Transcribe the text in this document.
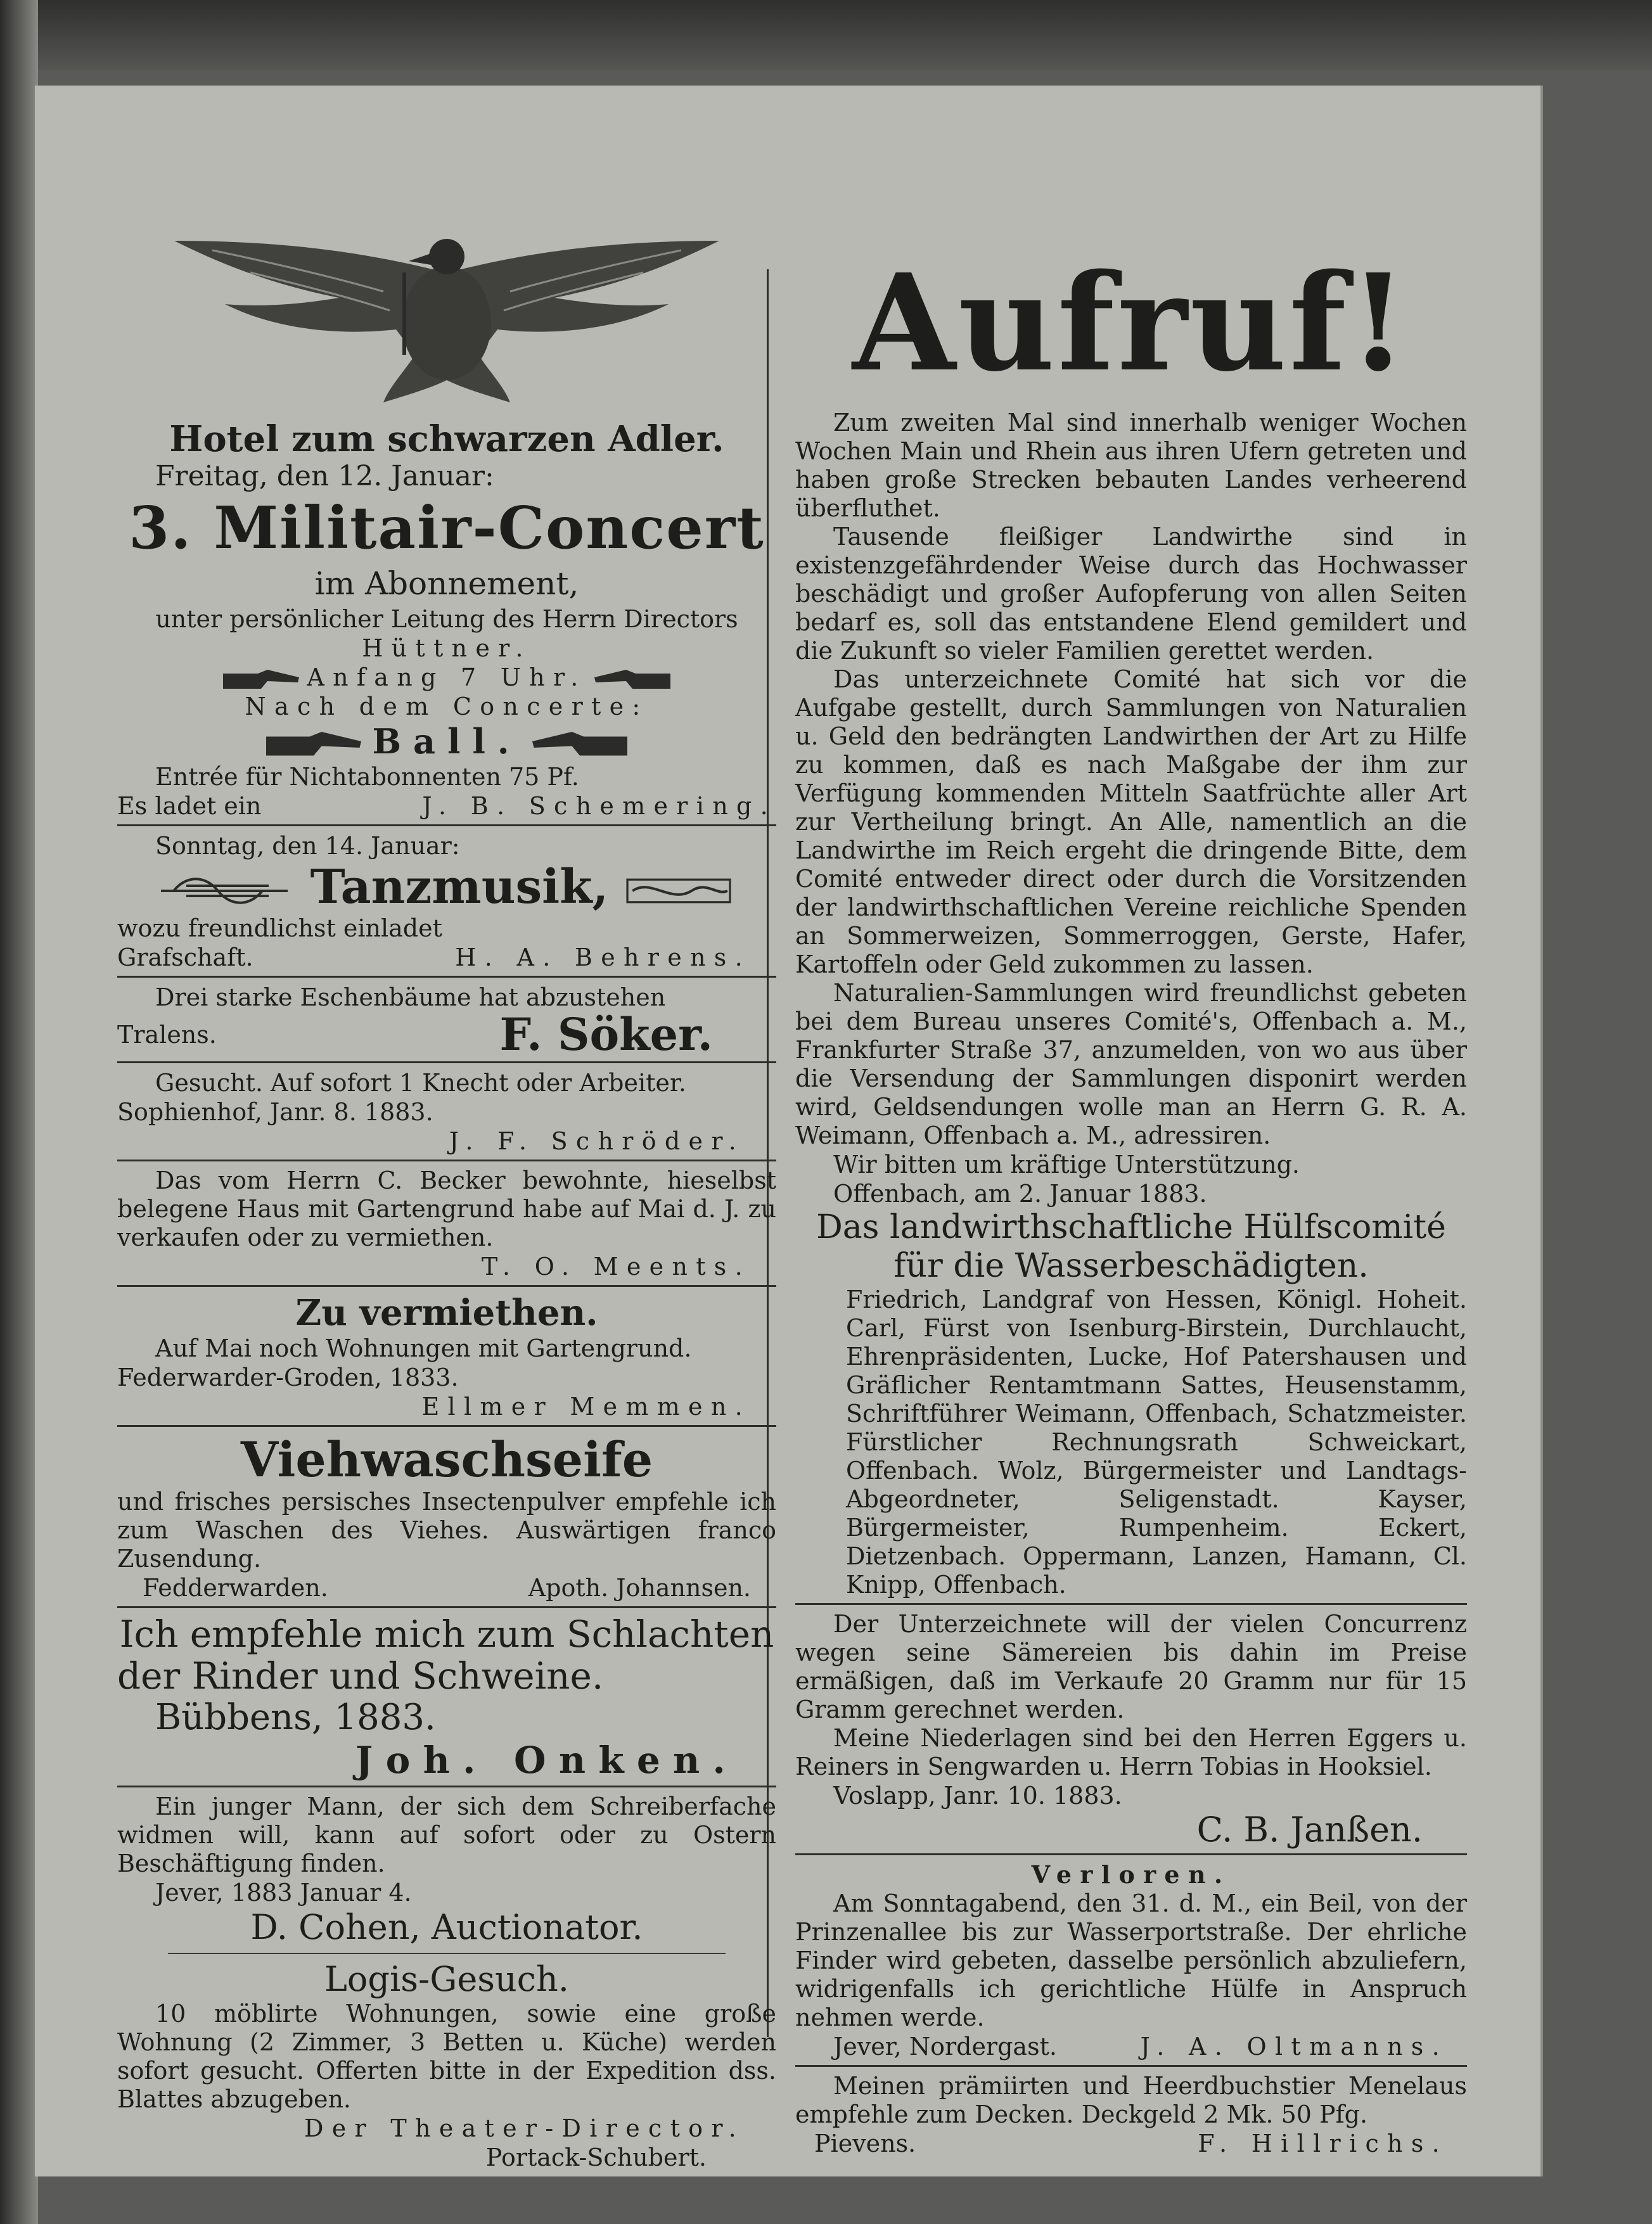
Hotel zum schwarzen Adler.
Freitag, den 12. Januar:
3. Militair-Concert
im Abonnement,
unter persönlicher Leitung des Herrn Directors
Hüttner.
Anfang 7 Uhr.
Nach dem Concerte:
Ball.
Entrée für Nichtabonnenten 75 Pf.
Es ladet ein	J. B. Schemering.
Sonntag, den 14. Januar:
Tanzmusik,
wozu freundlichst einladet
Grafschaft.	H. A. Behrens.
Drei starke Eschenbäume hat abzustehen
Tralens.	F. Söker.
Gesucht. Auf sofort 1 Knecht oder Arbeiter.
Sophienhof, Janr. 8. 1883.
J. F. Schröder.
Das vom Herrn C. Becker bewohnte, hieselbst belegene Haus mit Gartengrund habe auf Mai d. J. zu verkaufen oder zu vermiethen.
T. O. Meents.
Zu vermiethen.
Auf Mai noch Wohnungen mit Gartengrund.
Federwarder-Groden, 1833.
Ellmer Memmen.
Viehwaschseife
und frisches persisches Insectenpulver empfehle ich zum Waschen des Viehes. Auswärtigen franco Zusendung.
Fedderwarden.	Apoth. Johannsen.
Ich empfehle mich zum Schlachten
der Rinder und Schweine.
Bübbens, 1883.
Joh. Onken.
Ein junger Mann, der sich dem Schreiberfache widmen will, kann auf sofort oder zu Ostern Beschäftigung finden.
Jever, 1883 Januar 4.
D. Cohen, Auctionator.
Logis-Gesuch.
10 möblirte Wohnungen, sowie eine große Wohnung (2 Zimmer, 3 Betten u. Küche) werden sofort gesucht. Offerten bitte in der Expedition dss. Blattes abzugeben.
Der Theater-Director.
Portack-Schubert.
Aufruf!
Zum zweiten Mal sind innerhalb weniger Wochen Wochen Main und Rhein aus ihren Ufern getreten und haben große Strecken bebauten Landes verheerend überfluthet.
Tausende fleißiger Landwirthe sind in existenzgefährdender Weise durch das Hochwasser beschädigt und großer Aufopferung von allen Seiten bedarf es, soll das entstandene Elend gemildert und die Zukunft so vieler Familien gerettet werden.
Das unterzeichnete Comité hat sich vor die Aufgabe gestellt, durch Sammlungen von Naturalien u. Geld den bedrängten Landwirthen der Art zu Hilfe zu kommen, daß es nach Maßgabe der ihm zur Verfügung kommenden Mitteln Saatfrüchte aller Art zur Vertheilung bringt. An Alle, namentlich an die Landwirthe im Reich ergeht die dringende Bitte, dem Comité entweder direct oder durch die Vorsitzenden der landwirthschaftlichen Vereine reichliche Spenden an Sommerweizen, Sommerroggen, Gerste, Hafer, Kartoffeln oder Geld zukommen zu lassen.
Naturalien-Sammlungen wird freundlichst gebeten bei dem Bureau unseres Comité's, Offenbach a. M., Frankfurter Straße 37, anzumelden, von wo aus über die Versendung der Sammlungen disponirt werden wird, Geldsendungen wolle man an Herrn G. R. A. Weimann, Offenbach a. M., adressiren.
Wir bitten um kräftige Unterstützung.
Offenbach, am 2. Januar 1883.
Das landwirthschaftliche Hülfscomité
für die Wasserbeschädigten.
Friedrich, Landgraf von Hessen, Königl. Hoheit. Carl, Fürst von Isenburg-Birstein, Durchlaucht, Ehrenpräsidenten, Lucke, Hof Patershausen und Gräflicher Rentamtmann Sattes, Heusenstamm, Schriftführer Weimann, Offenbach, Schatzmeister. Fürstlicher Rechnungsrath Schweickart, Offenbach. Wolz, Bürgermeister und Landtags-Abgeordneter, Seligenstadt. Kayser, Bürgermeister, Rumpenheim. Eckert, Dietzenbach. Oppermann, Lanzen, Hamann, Cl. Knipp, Offenbach.
Der Unterzeichnete will der vielen Concurrenz wegen seine Sämereien bis dahin im Preise ermäßigen, daß im Verkaufe 20 Gramm nur für 15 Gramm gerechnet werden.
Meine Niederlagen sind bei den Herren Eggers u. Reiners in Sengwarden u. Herrn Tobias in Hooksiel.
Voslapp, Janr. 10. 1883.
C. B. Janßen.
Verloren.
Am Sonntagabend, den 31. d. M., ein Beil, von der Prinzenallee bis zur Wasserportstraße. Der ehrliche Finder wird gebeten, dasselbe persönlich abzuliefern, widrigenfalls ich gerichtliche Hülfe in Anspruch nehmen werde.
Jever, Nordergast.	J. A. Oltmanns.
Meinen prämiirten und Heerdbuchstier Menelaus empfehle zum Decken. Deckgeld 2 Mk. 50 Pfg.
Pievens.	F. Hillrichs.
